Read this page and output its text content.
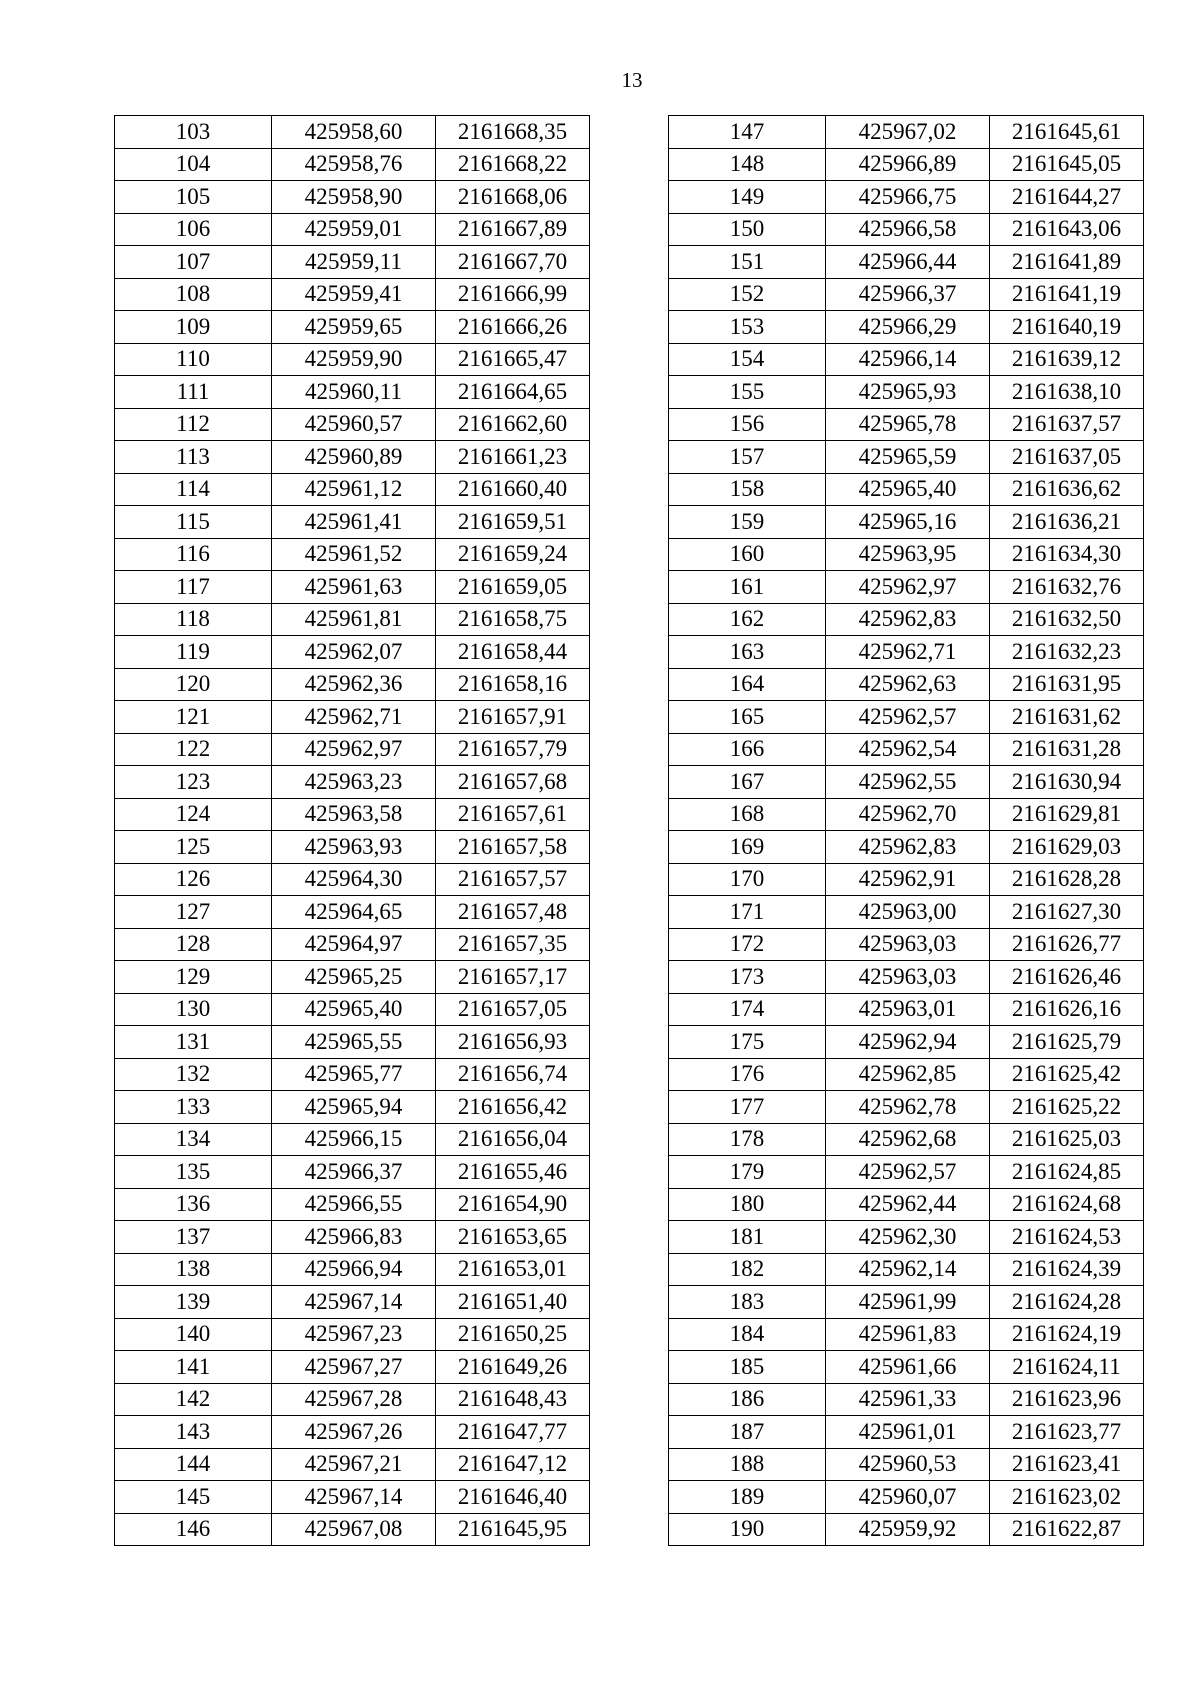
13
103	425958,60	2161668,35
104	425958,76	2161668,22
105	425958,90	2161668,06
106	425959,01	2161667,89
107	425959,11	2161667,70
108	425959,41	2161666,99
109	425959,65	2161666,26
110	425959,90	2161665,47
111	425960,11	2161664,65
112	425960,57	2161662,60
113	425960,89	2161661,23
114	425961,12	2161660,40
115	425961,41	2161659,51
116	425961,52	2161659,24
117	425961,63	2161659,05
118	425961,81	2161658,75
119	425962,07	2161658,44
120	425962,36	2161658,16
121	425962,71	2161657,91
122	425962,97	2161657,79
123	425963,23	2161657,68
124	425963,58	2161657,61
125	425963,93	2161657,58
126	425964,30	2161657,57
127	425964,65	2161657,48
128	425964,97	2161657,35
129	425965,25	2161657,17
130	425965,40	2161657,05
131	425965,55	2161656,93
132	425965,77	2161656,74
133	425965,94	2161656,42
134	425966,15	2161656,04
135	425966,37	2161655,46
136	425966,55	2161654,90
137	425966,83	2161653,65
138	425966,94	2161653,01
139	425967,14	2161651,40
140	425967,23	2161650,25
141	425967,27	2161649,26
142	425967,28	2161648,43
143	425967,26	2161647,77
144	425967,21	2161647,12
145	425967,14	2161646,40
146	425967,08	2161645,95
147	425967,02	2161645,61
148	425966,89	2161645,05
149	425966,75	2161644,27
150	425966,58	2161643,06
151	425966,44	2161641,89
152	425966,37	2161641,19
153	425966,29	2161640,19
154	425966,14	2161639,12
155	425965,93	2161638,10
156	425965,78	2161637,57
157	425965,59	2161637,05
158	425965,40	2161636,62
159	425965,16	2161636,21
160	425963,95	2161634,30
161	425962,97	2161632,76
162	425962,83	2161632,50
163	425962,71	2161632,23
164	425962,63	2161631,95
165	425962,57	2161631,62
166	425962,54	2161631,28
167	425962,55	2161630,94
168	425962,70	2161629,81
169	425962,83	2161629,03
170	425962,91	2161628,28
171	425963,00	2161627,30
172	425963,03	2161626,77
173	425963,03	2161626,46
174	425963,01	2161626,16
175	425962,94	2161625,79
176	425962,85	2161625,42
177	425962,78	2161625,22
178	425962,68	2161625,03
179	425962,57	2161624,85
180	425962,44	2161624,68
181	425962,30	2161624,53
182	425962,14	2161624,39
183	425961,99	2161624,28
184	425961,83	2161624,19
185	425961,66	2161624,11
186	425961,33	2161623,96
187	425961,01	2161623,77
188	425960,53	2161623,41
189	425960,07	2161623,02
190	425959,92	2161622,87
